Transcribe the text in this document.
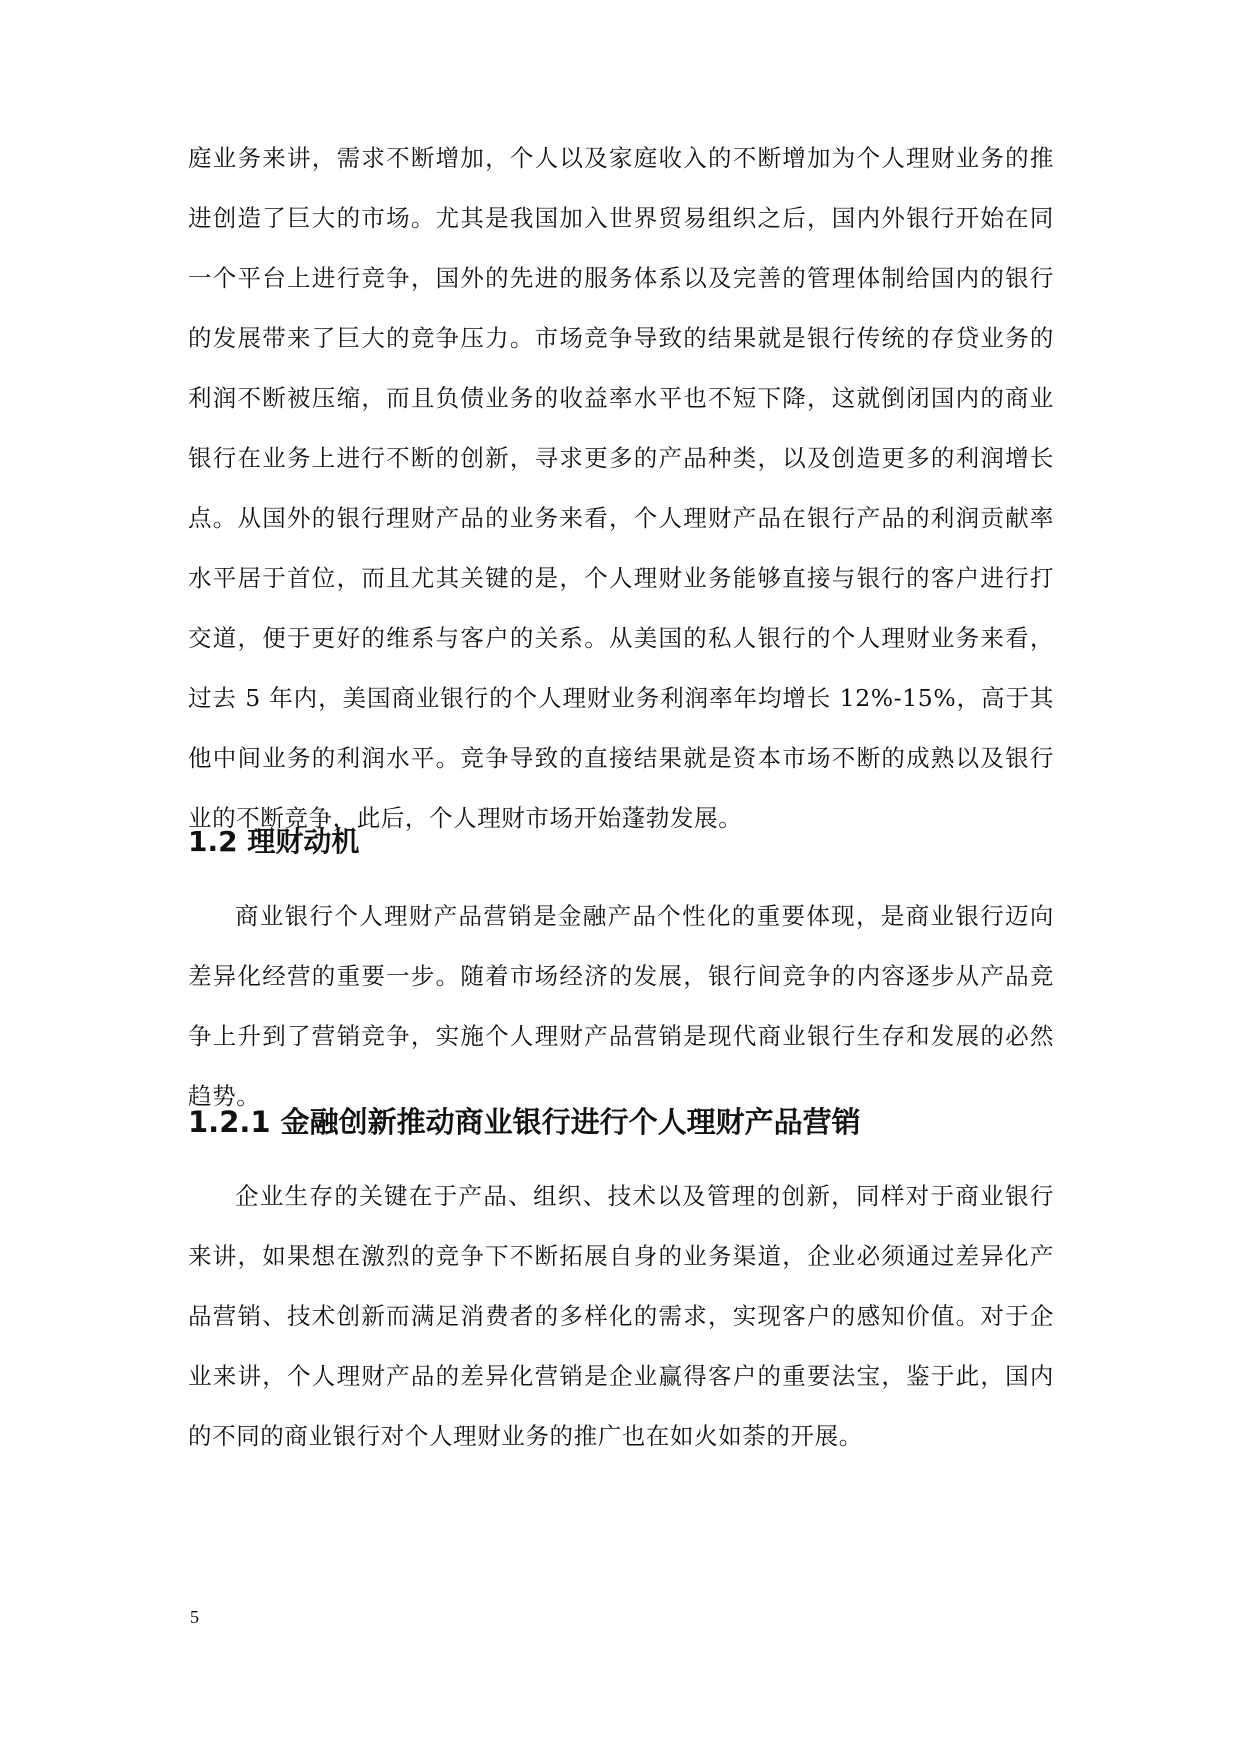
庭业务来讲，需求不断增加，个人以及家庭收入的不断增加为个人理财业务的推进创造了巨大的市场。尤其是我国加入世界贸易组织之后，国内外银行开始在同一个平台上进行竞争，国外的先进的服务体系以及完善的管理体制给国内的银行的发展带来了巨大的竞争压力。市场竞争导致的结果就是银行传统的存贷业务的利润不断被压缩，而且负债业务的收益率水平也不短下降，这就倒闭国内的商业银行在业务上进行不断的创新，寻求更多的产品种类，以及创造更多的利润增长点。从国外的银行理财产品的业务来看，个人理财产品在银行产品的利润贡献率水平居于首位，而且尤其关键的是，个人理财业务能够直接与银行的客户进行打交道，便于更好的维系与客户的关系。从美国的私人银行的个人理财业务来看，过去 5 年内，美国商业银行的个人理财业务利润率年均增长 12%-15%，高于其他中间业务的利润水平。竞争导致的直接结果就是资本市场不断的成熟以及银行业的不断竞争，此后，个人理财市场开始蓬勃发展。

1.2 理财动机

商业银行个人理财产品营销是金融产品个性化的重要体现，是商业银行迈向差异化经营的重要一步。随着市场经济的发展，银行间竞争的内容逐步从产品竞争上升到了营销竞争，实施个人理财产品营销是现代商业银行生存和发展的必然趋势。

1.2.1 金融创新推动商业银行进行个人理财产品营销

企业生存的关键在于产品、组织、技术以及管理的创新，同样对于商业银行来讲，如果想在激烈的竞争下不断拓展自身的业务渠道，企业必须通过差异化产品营销、技术创新而满足消费者的多样化的需求，实现客户的感知价值。对于企业来讲，个人理财产品的差异化营销是企业赢得客户的重要法宝，鉴于此，国内的不同的商业银行对个人理财业务的推广也在如火如荼的开展。

5
